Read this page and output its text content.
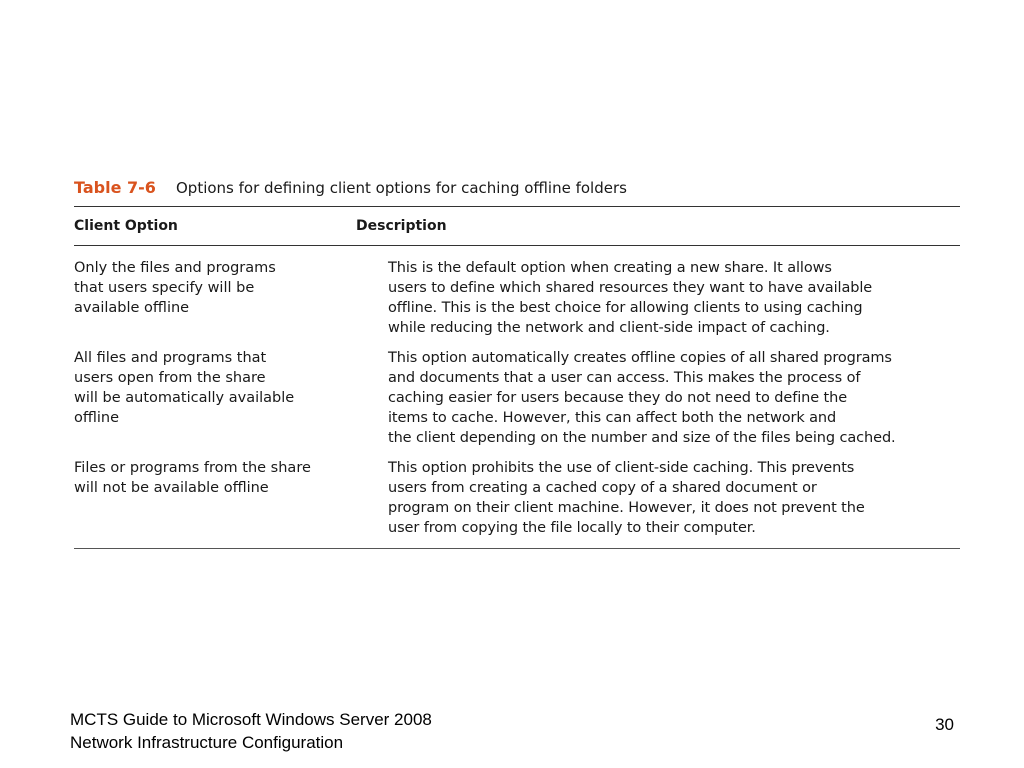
Table 7-6	Options for defining client options for caching offline folders
Client Option	Description
Only the files and programs
that users specify will be
available offline
This is the default option when creating a new share. It allows
users to define which shared resources they want to have available
offline. This is the best choice for allowing clients to using caching
while reducing the network and client-side impact of caching.
All files and programs that
users open from the share
will be automatically available
offline
This option automatically creates offline copies of all shared programs
and documents that a user can access. This makes the process of
caching easier for users because they do not need to define the
items to cache. However, this can affect both the network and
the client depending on the number and size of the files being cached.
Files or programs from the share
will not be available offline
This option prohibits the use of client-side caching. This prevents
users from creating a cached copy of a shared document or
program on their client machine. However, it does not prevent the
user from copying the file locally to their computer.
MCTS Guide to Microsoft Windows Server 2008
Network Infrastructure Configuration
30
